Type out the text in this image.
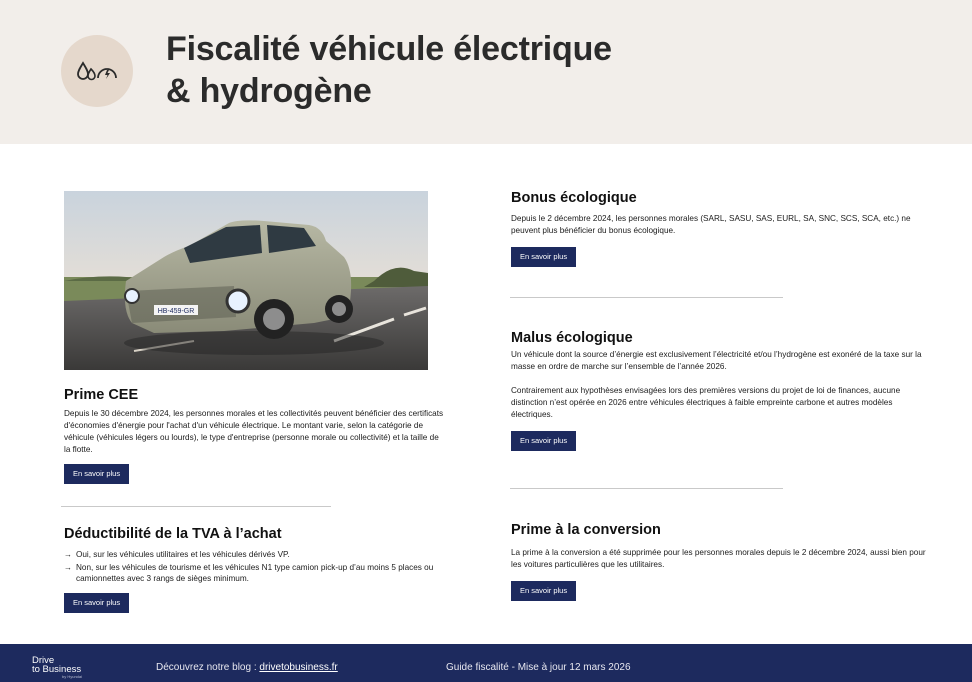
Fiscalité véhicule électrique
& hydrogène
HB-459-GR
Prime CEE

Depuis le 30 décembre 2024, les personnes morales et les collectivités peuvent bénéficier des certificats d'économies d'énergie pour l'achat d'un véhicule électrique. Le montant varie, selon la catégorie de véhicule (véhicules légers ou lourds), le type d'entreprise (personne morale ou collectivité) et la taille de la flotte.

En savoir plus
Déductibilité de la TVA à l’achat
→ Oui, sur les véhicules utilitaires et les véhicules dérivés VP.
→ Non, sur les véhicules de tourisme et les véhicules N1 type camion pick-up d’au moins 5 places ou camionnettes avec 3 rangs de sièges minimum.
En savoir plus
Bonus écologique

Depuis le 2 décembre 2024, les personnes morales (SARL, SASU, SAS, EURL, SA, SNC, SCS, SCA, etc.) ne peuvent plus bénéficier du bonus écologique.

En savoir plus
Malus écologique

Un véhicule dont la source d’énergie est exclusivement l’électricité et/ou l’hydrogène est exonéré de la taxe sur la masse en ordre de marche sur l’ensemble de l’année 2026.

Contrairement aux hypothèses envisagées lors des premières versions du projet de loi de finances, aucune distinction n’est opérée en 2026 entre véhicules électriques à faible empreinte carbone et autres modèles électriques.

En savoir plus
Prime à la conversion

La prime à la conversion a été supprimée pour les personnes morales depuis le 2 décembre 2024, aussi bien pour les voitures particulières que les utilitaires.

En savoir plus
Drive
to Business
by Hyundai
Découvrez notre blog : drivetobusiness.fr	Guide fiscalité - Mise à jour 12 mars 2026
